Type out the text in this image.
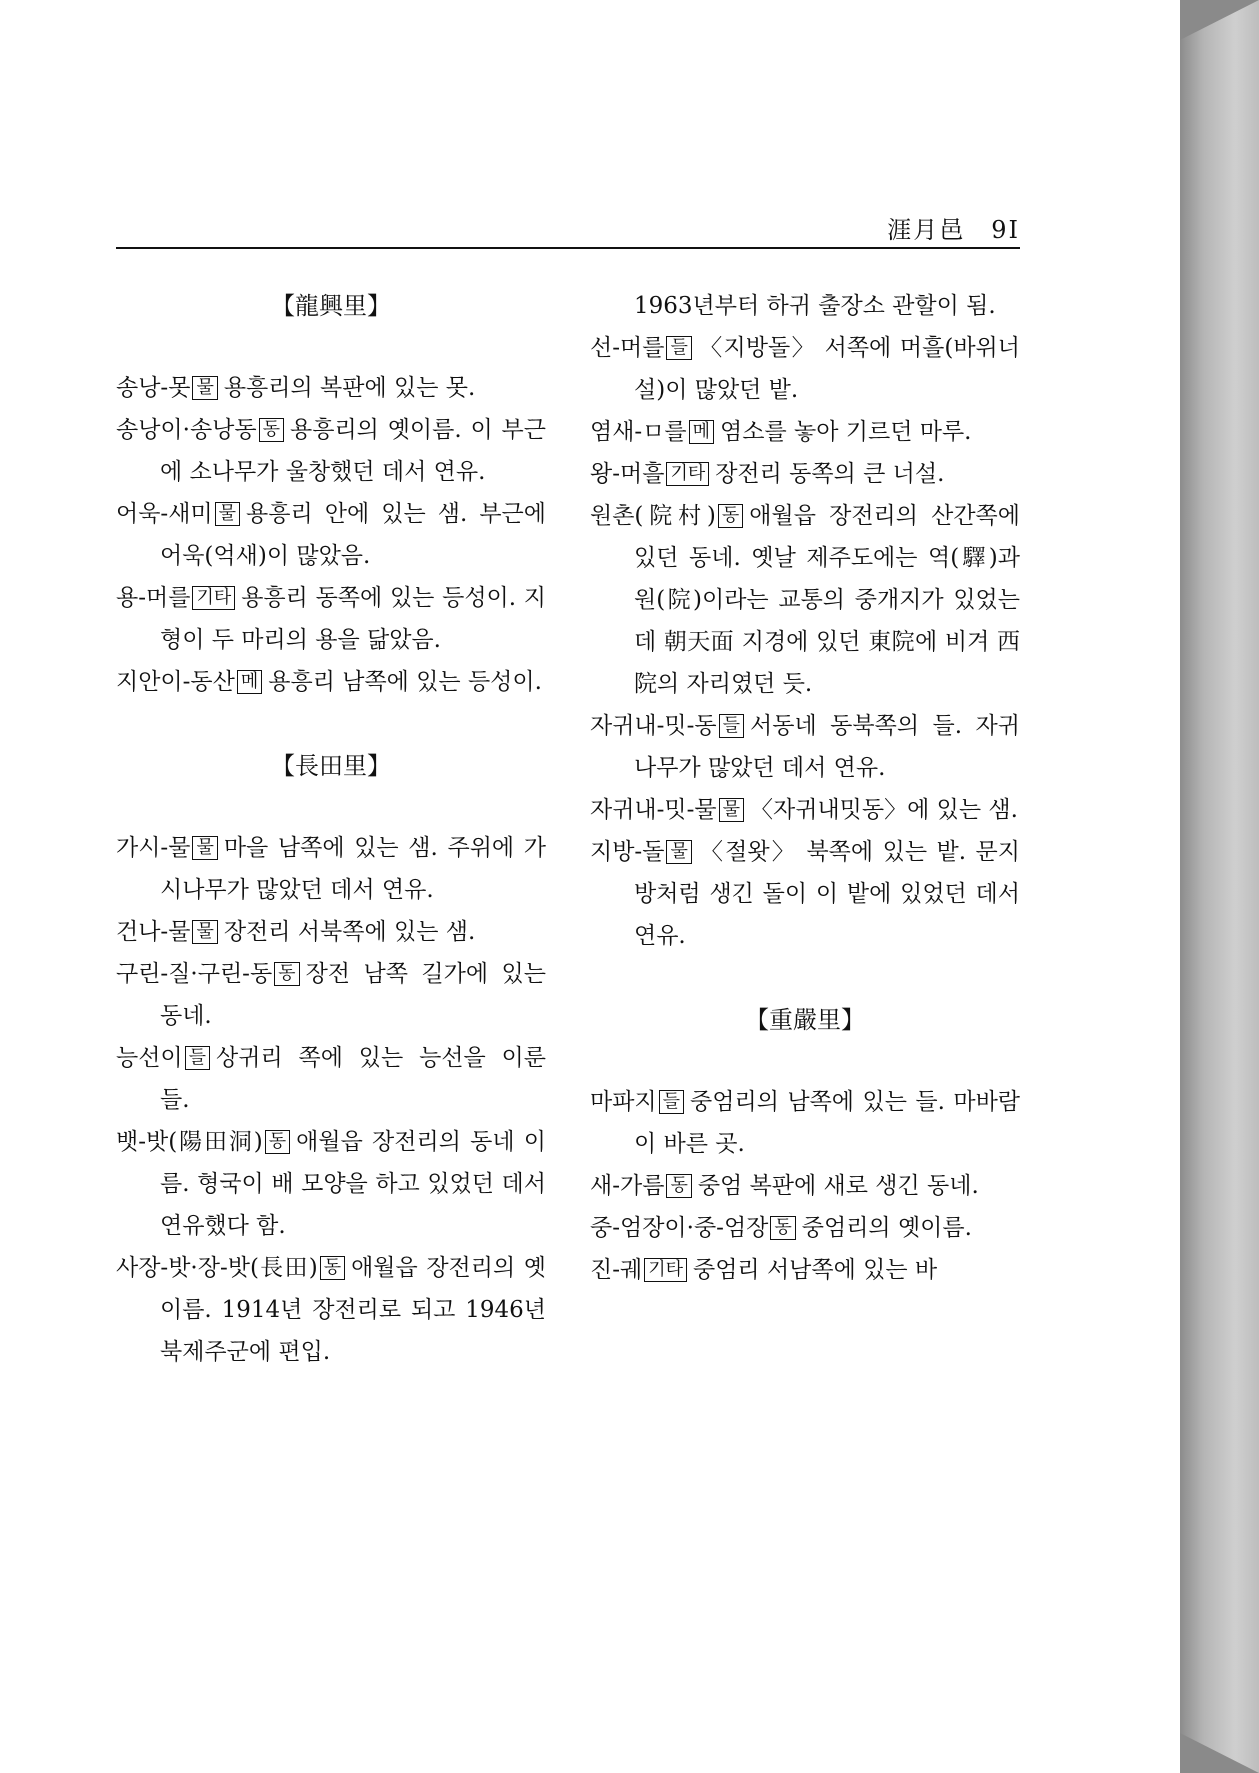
涯月邑　9I
【龍興里】

송낭-못 물 용흥리의 복판에 있는 못.

송낭이·송낭동 동 용흥리의 옛이름. 이 부근에 소나무가 울창했던 데서 연유.

어욱-새미 물 용흥리 안에 있는 샘. 부근에 어욱(억새)이 많았음.

용-머를 기타 용흥리 동쪽에 있는 등성이. 지형이 두 마리의 용을 닮았음.

지안이-동산 메 용흥리 남쪽에 있는 등성이.

【長田里】

가시-물 물 마을 남쪽에 있는 샘. 주위에 가시나무가 많았던 데서 연유.

건나-물 물 장전리 서북쪽에 있는 샘.

구린-질·구린-동 동 장전 남쪽 길가에 있는 동네.

능선이 들 상귀리 쪽에 있는 능선을 이룬 들.

뱃-밧(陽田洞) 동 애월읍 장전리의 동네 이름. 형국이 배 모양을 하고 있었던 데서 연유했다 함.

사장-밧·장-밧(長田) 동 애월읍 장전리의 옛이름. 1914년 장전리로 되고 1946년 북제주군에 편입.

1963년부터 하귀 출장소 관할이 됨.

선-머를 들 〈지방돌〉 서쪽에 머흘(바위너설)이 많았던 밭.

염새-ㅁ를 메 염소를 놓아 기르던 마루.

왕-머흘 기타 장전리 동쪽의 큰 너설.

원촌(院村) 동 애월읍 장전리의 산간쪽에 있던 동네. 옛날 제주도에는 역(驛)과 원(院)이라는 교통의 중개지가 있었는데 朝天面 지경에 있던 東院에 비겨 西院의 자리였던 듯.

자귀내-밋-동 들 서동네 동북쪽의 들. 자귀나무가 많았던 데서 연유.

자귀내-밋-물 물 〈자귀내밋동〉에 있는 샘.

지방-돌 물 〈절왓〉 북쪽에 있는 밭. 문지방처럼 생긴 돌이 이 밭에 있었던 데서 연유.

【重嚴里】

마파지 들 중엄리의 남쪽에 있는 들. 마바람이 바른 곳.

새-가름 동 중엄 복판에 새로 생긴 동네.

중-엄장이·중-엄장 동 중엄리의 옛이름.

진-궤 기타 중엄리 서남쪽에 있는 바
